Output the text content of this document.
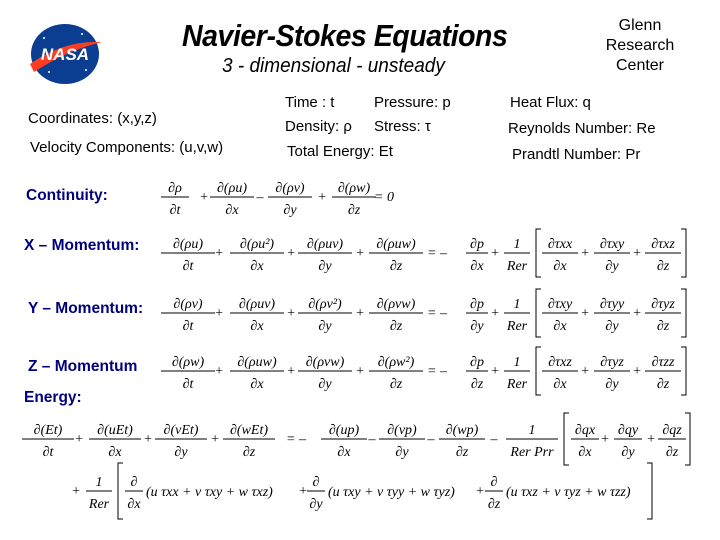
NASA
Navier-Stokes Equations
3 - dimensional - unsteady
Glenn
Research
Center
Coordinates: (x,y,z)
Velocity Components: (u,v,w)
Time : t
Density: ρ
Total Energy: Et
Pressure: p
Stress: τ
Heat Flux: q
Reynolds Number: Re
Prandtl Number: Pr
Continuity:
X – Momentum:
Y – Momentum:
Z – Momentum
Energy:
∂ρ
∂t
∂(ρu)
∂x
∂(ρv)
∂y
∂(ρw)
∂z
+	–	+	= 0
∂(ρu)
∂t
∂(ρu²)
∂x
∂(ρuv)
∂y
∂(ρuw)
∂z
+	+	+	= –
∂p
∂x
+
1
Rer
∂τxx
∂x
∂τxy
∂y
∂τxz
∂z
+	+
∂(ρv)
∂t
∂(ρuv)
∂x
∂(ρv²)
∂y
∂(ρvw)
∂z
+	+	+	= –
∂p
∂y
+
1
Rer
∂τxy
∂x
∂τyy
∂y
∂τyz
∂z
+	+
∂(ρw)
∂t
∂(ρuw)
∂x
∂(ρvw)
∂y
∂(ρw²)
∂z
+	+	+	= –
∂p
∂z
+
1
Rer
∂τxz
∂x
∂τyz
∂y
∂τzz
∂z
+	+
∂(Et)
∂t
∂(uEt)
∂x
∂(vEt)
∂y
∂(wEt)
∂z
+	+	+	= –
∂(up)
∂x
–
∂(vp)
∂y
–
∂(wp)
∂z
–
1
Rer Prr
∂qx
∂x
∂qy
∂y
∂qz
∂z
+	+
+
1
Rer
∂
∂x
(u τxx + v τxy + w τxz) +
∂
∂y
(u τxy + v τyy + w τyz) +
∂
∂z
(u τxz + v τyz + w τzz)
